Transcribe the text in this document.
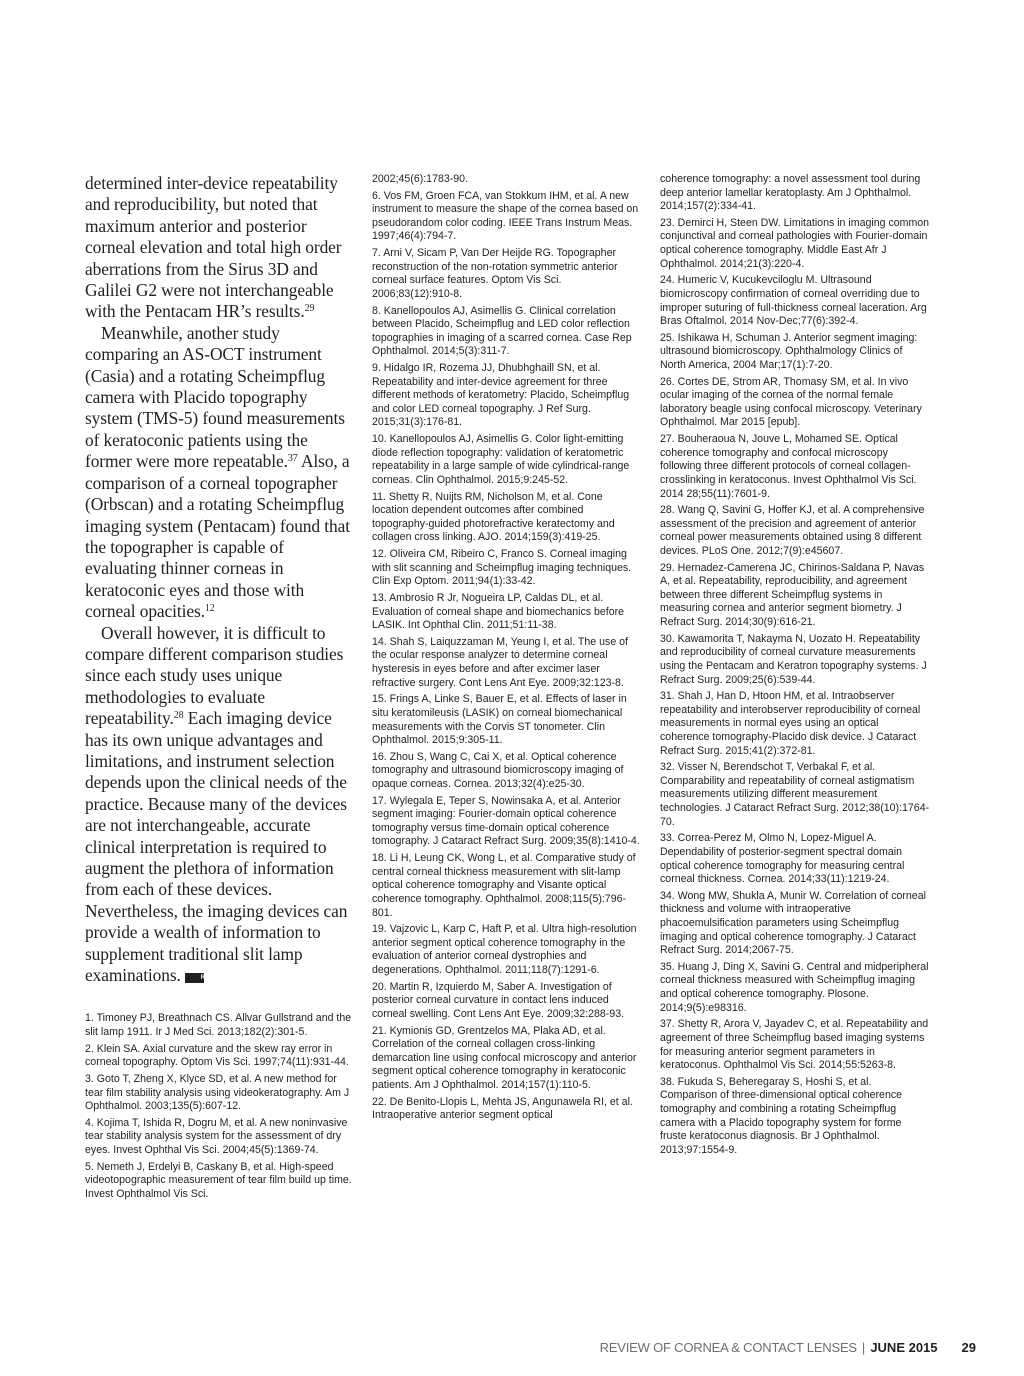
determined inter-device repeatability and reproducibility, but noted that maximum anterior and posterior corneal elevation and total high order aberrations from the Sirus 3D and Galilei G2 were not interchangeable with the Pentacam HR’s results.$^{29}$

Meanwhile, another study comparing an AS-OCT instrument (Casia) and a rotating Scheimpflug camera with Placido topography system (TMS-5) found measurements of keratoconic patients using the former were more repeatable.$^{37}$ Also, a comparison of a corneal topographer (Orbscan) and a rotating Scheimpflug imaging system (Pentacam) found that the topographer is capable of evaluating thinner corneas in keratoconic eyes and those with corneal opacities.$^{12}$

Overall however, it is difficult to compare different comparison studies since each study uses unique methodologies to evaluate repeatability.$^{28}$ Each imaging device has its own unique advantages and limitations, and instrument selection depends upon the clinical needs of the practice. Because many of the devices are not interchangeable, accurate clinical interpretation is required to augment the plethora of information from each of these devices. Nevertheless, the imaging devices can provide a wealth of information to supplement traditional slit lamp examinations.	RCCL

1. Timoney PJ, Breathnach CS. Allvar Gullstrand and the slit lamp 1911. Ir J Med Sci. 2013;182(2):301-5.
2. Klein SA. Axial curvature and the skew ray error in corneal topography. Optom Vis Sci. 1997;74(11):931-44.
3. Goto T, Zheng X, Klyce SD, et al. A new method for tear film stability analysis using videokeratography. Am J Ophthalmol. 2003;135(5):607-12.
4. Kojima T, Ishida R, Dogru M, et al. A new noninvasive tear stability analysis system for the assessment of dry eyes. Invest Ophthal Vis Sci. 2004;45(5):1369-74.
5. Nemeth J, Erdelyi B, Caskany B, et al. High-speed videotopographic measurement of tear film build up time. Invest Ophthalmol Vis Sci.
2002;45(6):1783-90.
6. Vos FM, Groen FCA, van Stokkum IHM, et al. A new instrument to measure the shape of the cornea based on pseudorandom color coding. IEEE Trans Instrum Meas. 1997;46(4):794-7.
7. Arni V, Sicam P, Van Der Heijde RG. Topographer reconstruction of the non-rotation symmetric anterior corneal surface features. Optom Vis Sci. 2006;83(12):910-8.
8. Kanellopoulos AJ, Asimellis G. Clinical correlation between Placido, Scheimpflug and LED color reflection topographies in imaging of a scarred cornea. Case Rep Ophthalmol. 2014;5(3):311-7.
9. Hidalgo IR, Rozema JJ, Dhubhghaill SN, et al. Repeatability and inter-device agreement for three different methods of keratometry: Placido, Scheimpflug and color LED corneal topography. J Ref Surg. 2015;31(3):176-81.
10. Kanellopoulos AJ, Asimellis G. Color light-emitting diode reflection topography: validation of keratometric repeatability in a large sample of wide cylindrical-range corneas. Clin Ophthalmol. 2015;9:245-52.
11. Shetty R, Nuijts RM, Nicholson M, et al. Cone location dependent outcomes after combined topography-guided photorefractive keratectomy and collagen cross linking. AJO. 2014;159(3):419-25.
12. Oliveira CM, Ribeiro C, Franco S. Corneal imaging with slit scanning and Scheimpflug imaging techniques. Clin Exp Optom. 2011;94(1):33-42.
13. Ambrosio R Jr, Nogueira LP, Caldas DL, et al. Evaluation of corneal shape and biomechanics before LASIK. Int Ophthal Clin. 2011;51:11-38.
14. Shah S, Laiquzzaman M, Yeung I, et al. The use of the ocular response analyzer to determine corneal hysteresis in eyes before and after excimer laser refractive surgery. Cont Lens Ant Eye. 2009;32:123-8.
15. Frings A, Linke S, Bauer E, et al. Effects of laser in situ keratomileusis (LASIK) on corneal biomechanical measurements with the Corvis ST tonometer. Clin Ophthalmol. 2015;9:305-11.
16. Zhou S, Wang C, Cai X, et al. Optical coherence tomography and ultrasound biomicroscopy imaging of opaque corneas. Cornea. 2013;32(4):e25-30.
17. Wylegala E, Teper S, Nowinsaka A, et al. Anterior segment imaging: Fourier-domain optical coherence tomography versus time-domain optical coherence tomography. J Cataract Refract Surg. 2009;35(8):1410-4.
18. Li H, Leung CK, Wong L, et al. Comparative study of central corneal thickness measurement with slit-lamp optical coherence tomography and Visante optical coherence tomography. Ophthalmol. 2008;115(5):796-801.
19. Vajzovic L, Karp C, Haft P, et al. Ultra high-resolution anterior segment optical coherence tomography in the evaluation of anterior corneal dystrophies and degenerations. Ophthalmol. 2011;118(7):1291-6.
20. Martin R, Izquierdo M, Saber A. Investigation of posterior corneal curvature in contact lens induced corneal swelling. Cont Lens Ant Eye. 2009;32:288-93.
21. Kymionis GD, Grentzelos MA, Plaka AD, et al. Correlation of the corneal collagen cross-linking demarcation line using confocal microscopy and anterior segment optical coherence tomography in keratoconic patients. Am J Ophthalmol. 2014;157(1):110-5.
22. De Benito-Llopis L, Mehta JS, Angunawela RI, et al. Intraoperative anterior segment optical
coherence tomography: a novel assessment tool during deep anterior lamellar keratoplasty. Am J Ophthalmol. 2014;157(2):334-41.
23. Demirci H, Steen DW. Limitations in imaging common conjunctival and corneal pathologies with Fourier-domain optical coherence tomography. Middle East Afr J Ophthalmol. 2014;21(3):220-4.
24. Humeric V, Kucukevciloglu M. Ultrasound biomicroscopy confirmation of corneal overriding due to improper suturing of full-thickness corneal laceration. Arg Bras Oftalmol. 2014 Nov-Dec;77(6):392-4.
25. Ishikawa H, Schuman J. Anterior segment imaging: ultrasound biomicroscopy. Ophthalmology Clinics of North America, 2004 Mar;17(1):7-20.
26. Cortes DE, Strom AR, Thomasy SM, et al. In vivo ocular imaging of the cornea of the normal female laboratory beagle using confocal microscopy. Veterinary Ophthalmol. Mar 2015 [epub].
27. Bouheraoua N, Jouve L, Mohamed SE. Optical coherence tomography and confocal microscopy following three different protocols of corneal collagen-crosslinking in keratoconus. Invest Ophthalmol Vis Sci. 2014 28;55(11):7601-9.
28. Wang Q, Savini G, Hoffer KJ, et al. A comprehensive assessment of the precision and agreement of anterior corneal power measurements obtained using 8 different devices. PLoS One. 2012;7(9):e45607.
29. Hernadez-Camerena JC, Chirinos-Saldana P, Navas A, et al. Repeatability, reproducibility, and agreement between three different Scheimpflug systems in measuring cornea and anterior segment biometry. J Refract Surg. 2014;30(9):616-21.
30. Kawamorita T, Nakayma N, Uozato H. Repeatability and reproducibility of corneal curvature measurements using the Pentacam and Keratron topography systems. J Refract Surg. 2009;25(6):539-44.
31. Shah J, Han D, Htoon HM, et al. Intraobserver repeatability and interobserver reproducibility of corneal measurements in normal eyes using an optical coherence tomography-Placido disk device. J Cataract Refract Surg. 2015;41(2):372-81.
32. Visser N, Berendschot T, Verbakal F, et al. Comparability and repeatability of corneal astigmatism measurements utilizing different measurement technologies. J Cataract Refract Surg. 2012;38(10):1764-70.
33. Correa-Perez M, Olmo N, Lopez-Miguel A. Dependability of posterior-segment spectral domain optical coherence tomography for measuring central corneal thickness. Cornea. 2014;33(11):1219-24.
34. Wong MW, Shukla A, Munir W. Correlation of corneal thickness and volume with intraoperative phacoemulsification parameters using Scheimpflug imaging and optical coherence tomography. J Cataract Refract Surg. 2014;2067-75.
35. Huang J, Ding X, Savini G. Central and midperipheral corneal thickness measured with Scheimpflug imaging and optical coherence tomography. Plosone. 2014;9(5):e98316.
37. Shetty R, Arora V, Jayadev C, et al. Repeatability and agreement of three Scheimpflug based imaging systems for measuring anterior segment parameters in keratoconus. Ophthalmol Vis Sci. 2014;55:5263-8.
38. Fukuda S, Beheregaray S, Hoshi S, et al. Comparison of three-dimensional optical coherence tomography and combining a rotating Scheimpflug camera with a Placido topography system for forme fruste keratoconus diagnosis. Br J Ophthalmol. 2013;97:1554-9.
REVIEW OF CORNEA & CONTACT LENSES | JUNE 2015 29
